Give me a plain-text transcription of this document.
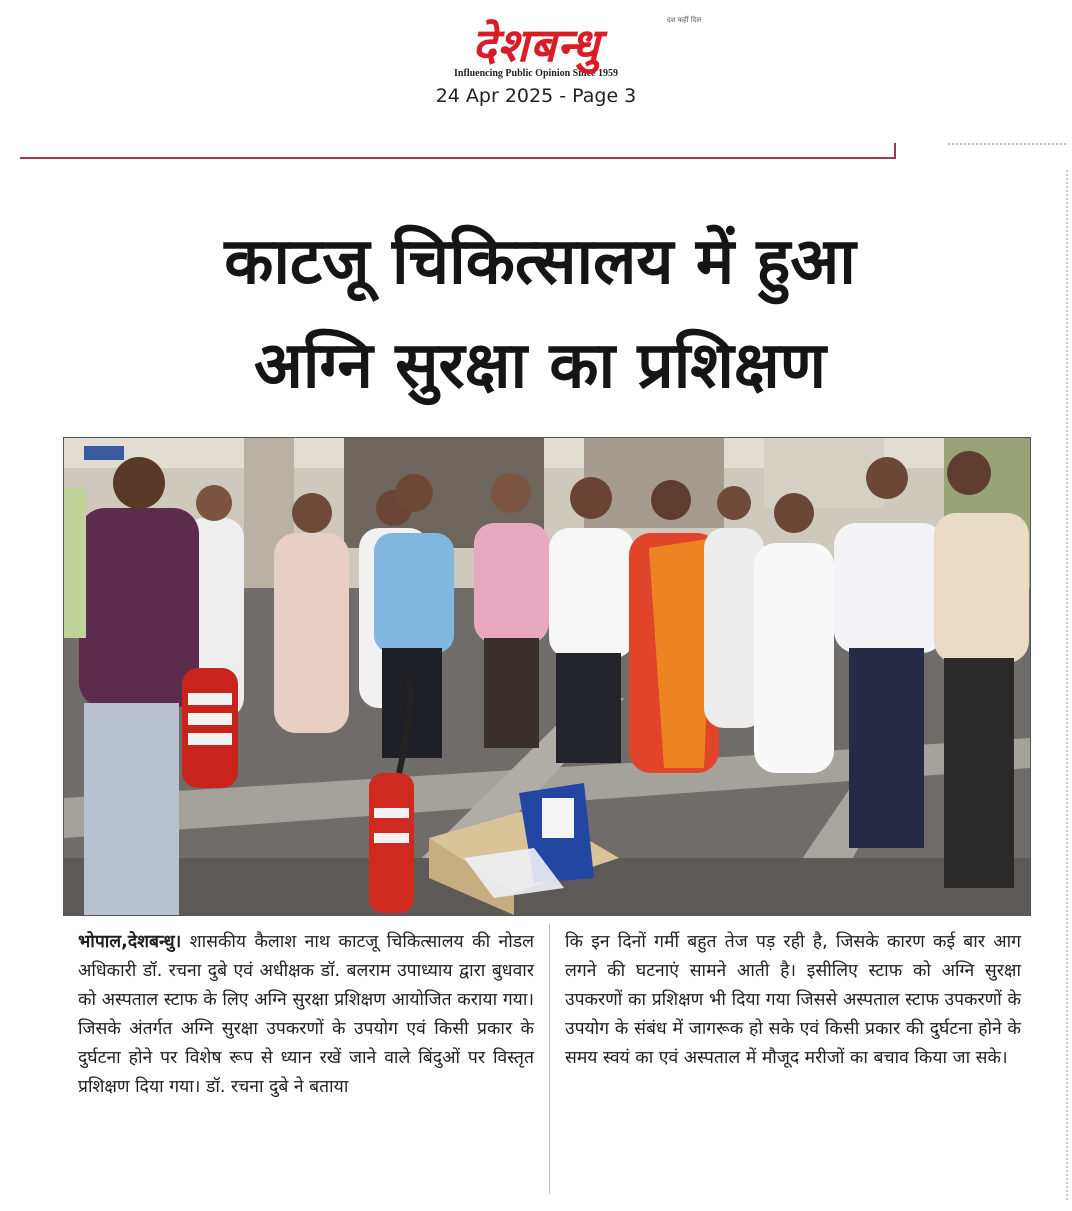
दश कहीं दिल
देशबन्धु
Influencing Public Opinion Since 1959
24 Apr 2025 - Page 3
काटजू चिकित्सालय में हुआ
अग्नि सुरक्षा का प्रशिक्षण
भोपाल,देशबन्धु। शासकीय कैलाश नाथ काटजू चिकित्सालय की नोडल अधिकारी डॉ. रचना दुबे एवं अधीक्षक डॉ. बलराम उपाध्याय द्वारा बुधवार को अस्पताल स्टाफ के लिए अग्नि सुरक्षा प्रशिक्षण आयोजित कराया गया। जिसके अंतर्गत अग्नि सुरक्षा उपकरणों के उपयोग एवं किसी प्रकार के दुर्घटना होने पर विशेष रूप से ध्यान रखें जाने वाले बिंदुओं पर विस्तृत प्रशिक्षण दिया गया। डॉ. रचना दुबे ने बताया
कि इन दिनों गर्मी बहुत तेज पड़ रही है, जिसके कारण कई बार आग लगने की घटनाएं सामने आती है। इसीलिए स्टाफ को अग्नि सुरक्षा उपकरणों का प्रशिक्षण भी दिया गया जिससे अस्पताल स्टाफ उपकरणों के उपयोग के संबंध में जागरूक हो सके एवं किसी प्रकार की दुर्घटना होने के समय स्वयं का एवं अस्पताल में मौजूद मरीजों का बचाव किया जा सके।
